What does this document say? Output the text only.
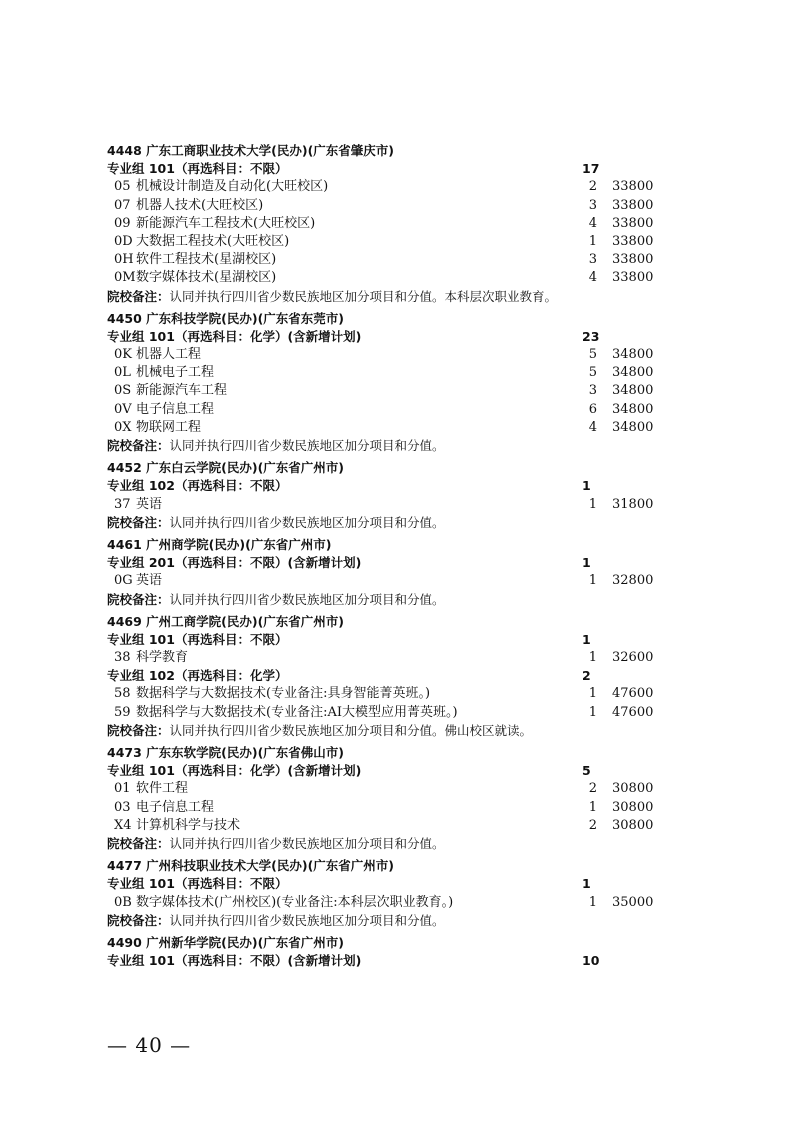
4448 广东工商职业技术大学(民办)(广东省肇庆市)
专业组 101（再选科目：不限）	17
05 机械设计制造及自动化(大旺校区)	2 33800
07 机器人技术(大旺校区)	3 33800
09 新能源汽车工程技术(大旺校区)	4 33800
0D 大数据工程技术(大旺校区)	1 33800
0H 软件工程技术(星湖校区)	3 33800
0M数字媒体技术(星湖校区)	4 33800
院校备注：认同并执行四川省少数民族地区加分项目和分值。本科层次职业教育。
4450 广东科技学院(民办)(广东省东莞市)
专业组 101（再选科目：化学）(含新增计划)	23
0K 机器人工程	5 34800
0L 机械电子工程	5 34800
0S 新能源汽车工程	3 34800
0V 电子信息工程	6 34800
0X 物联网工程	4 34800
院校备注：认同并执行四川省少数民族地区加分项目和分值。
4452 广东白云学院(民办)(广东省广州市)
专业组 102（再选科目：不限）	1
37 英语	1 31800
院校备注：认同并执行四川省少数民族地区加分项目和分值。
4461 广州商学院(民办)(广东省广州市)
专业组 201（再选科目：不限）(含新增计划)	1
0G 英语	1 32800
院校备注：认同并执行四川省少数民族地区加分项目和分值。
4469 广州工商学院(民办)(广东省广州市)
专业组 101（再选科目：不限）	1
38 科学教育	1 32600
专业组 102（再选科目：化学）	2
58 数据科学与大数据技术(专业备注:具身智能菁英班。)	1 47600
59 数据科学与大数据技术(专业备注:AI大模型应用菁英班。)	1 47600
院校备注：认同并执行四川省少数民族地区加分项目和分值。佛山校区就读。
4473 广东东软学院(民办)(广东省佛山市)
专业组 101（再选科目：化学）(含新增计划)	5
01 软件工程	2 30800
03 电子信息工程	1 30800
X4 计算机科学与技术	2 30800
院校备注：认同并执行四川省少数民族地区加分项目和分值。
4477 广州科技职业技术大学(民办)(广东省广州市)
专业组 101（再选科目：不限）	1
0B 数字媒体技术(广州校区)(专业备注:本科层次职业教育。)	1 35000
院校备注：认同并执行四川省少数民族地区加分项目和分值。
4490 广州新华学院(民办)(广东省广州市)
专业组 101（再选科目：不限）(含新增计划)	10
— 40 —
